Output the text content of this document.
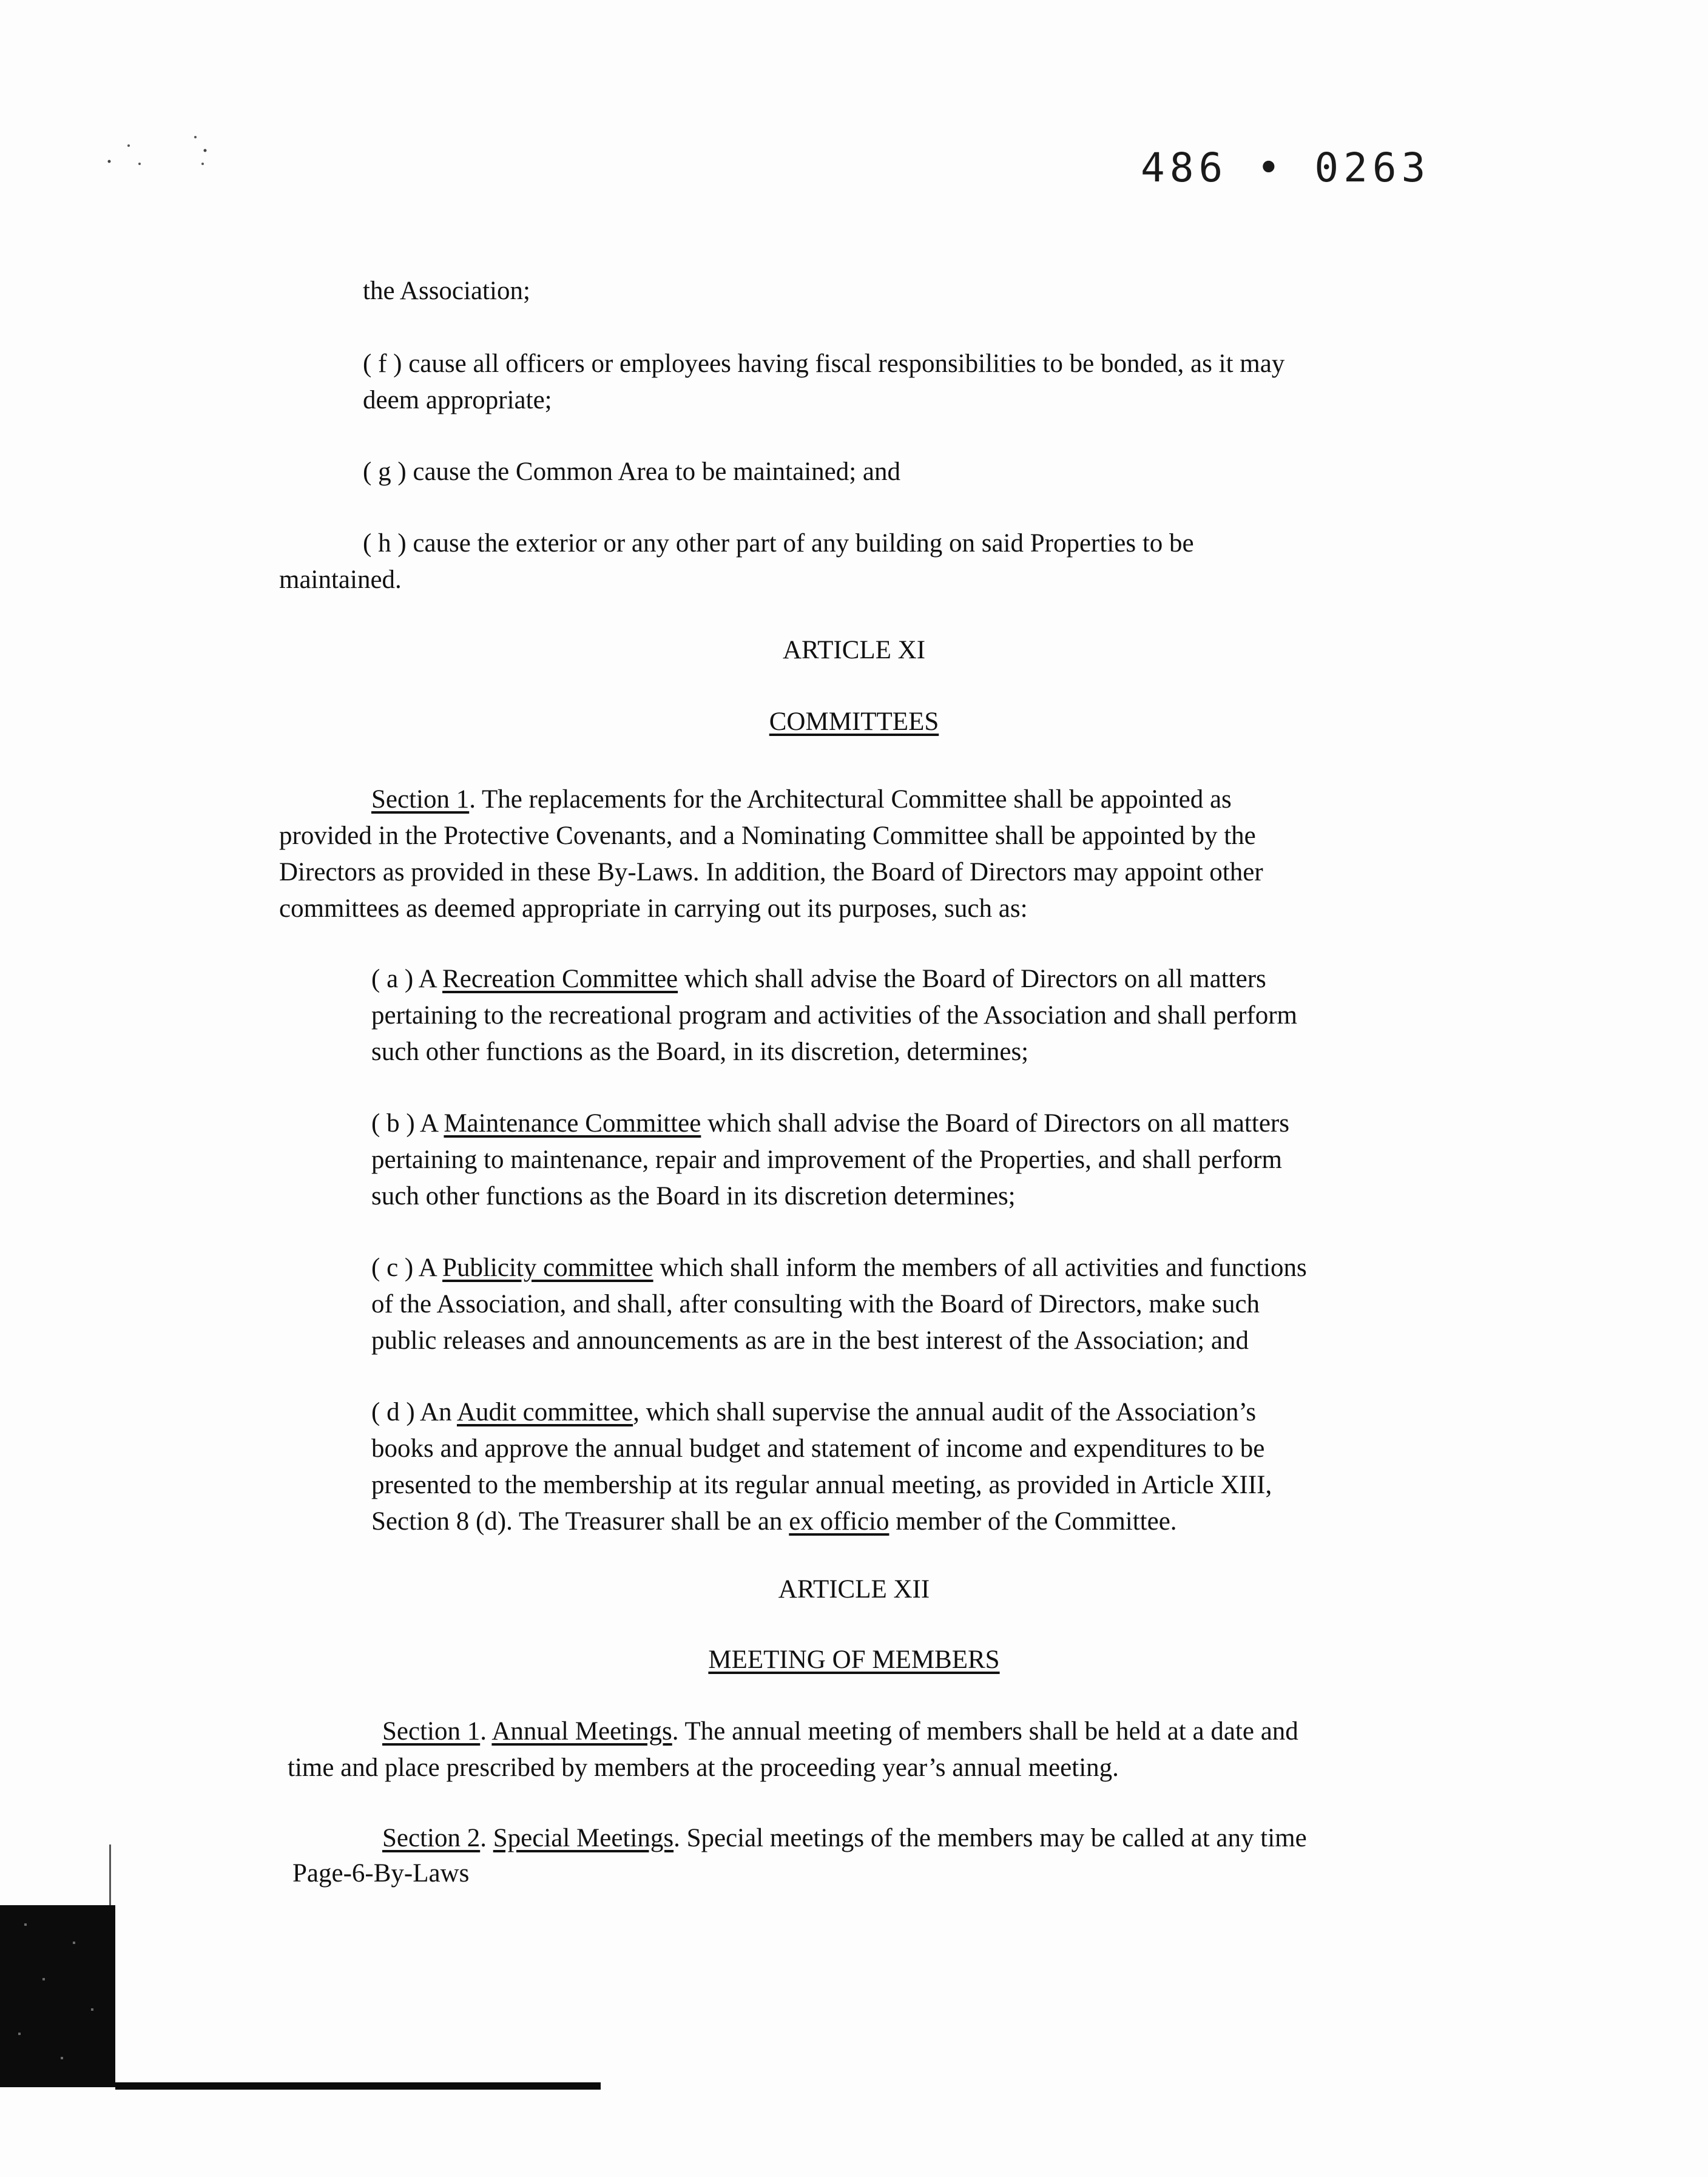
486 • 0263
the Association;
( f ) cause all officers or employees having fiscal responsibilities to be bonded, as it may
deem appropriate;
( g ) cause the Common Area to be maintained; and
( h ) cause the exterior or any other part of any building on said Properties to be
maintained.
ARTICLE XI
COMMITTEES
Section 1. The replacements for the Architectural Committee shall be appointed as
provided in the Protective Covenants, and a Nominating Committee shall be appointed by the
Directors as provided in these By-Laws. In addition, the Board of Directors may appoint other
committees as deemed appropriate in carrying out its purposes, such as:
( a ) A Recreation Committee which shall advise the Board of Directors on all matters
pertaining to the recreational program and activities of the Association and shall perform
such other functions as the Board, in its discretion, determines;
( b ) A Maintenance Committee which shall advise the Board of Directors on all matters
pertaining to maintenance, repair and improvement of the Properties, and shall perform
such other functions as the Board in its discretion determines;
( c ) A Publicity committee which shall inform the members of all activities and functions
of the Association, and shall, after consulting with the Board of Directors, make such
public releases and announcements as are in the best interest of the Association; and
( d ) An Audit committee, which shall supervise the annual audit of the Association’s
books and approve the annual budget and statement of income and expenditures to be
presented to the membership at its regular annual meeting, as provided in Article XIII,
Section 8 (d). The Treasurer shall be an ex officio member of the Committee.
ARTICLE XII
MEETING OF MEMBERS
Section 1. Annual Meetings. The annual meeting of members shall be held at a date and
time and place prescribed by members at the proceeding year’s annual meeting.
Section 2. Special Meetings. Special meetings of the members may be called at any time
Page-6-By-Laws
